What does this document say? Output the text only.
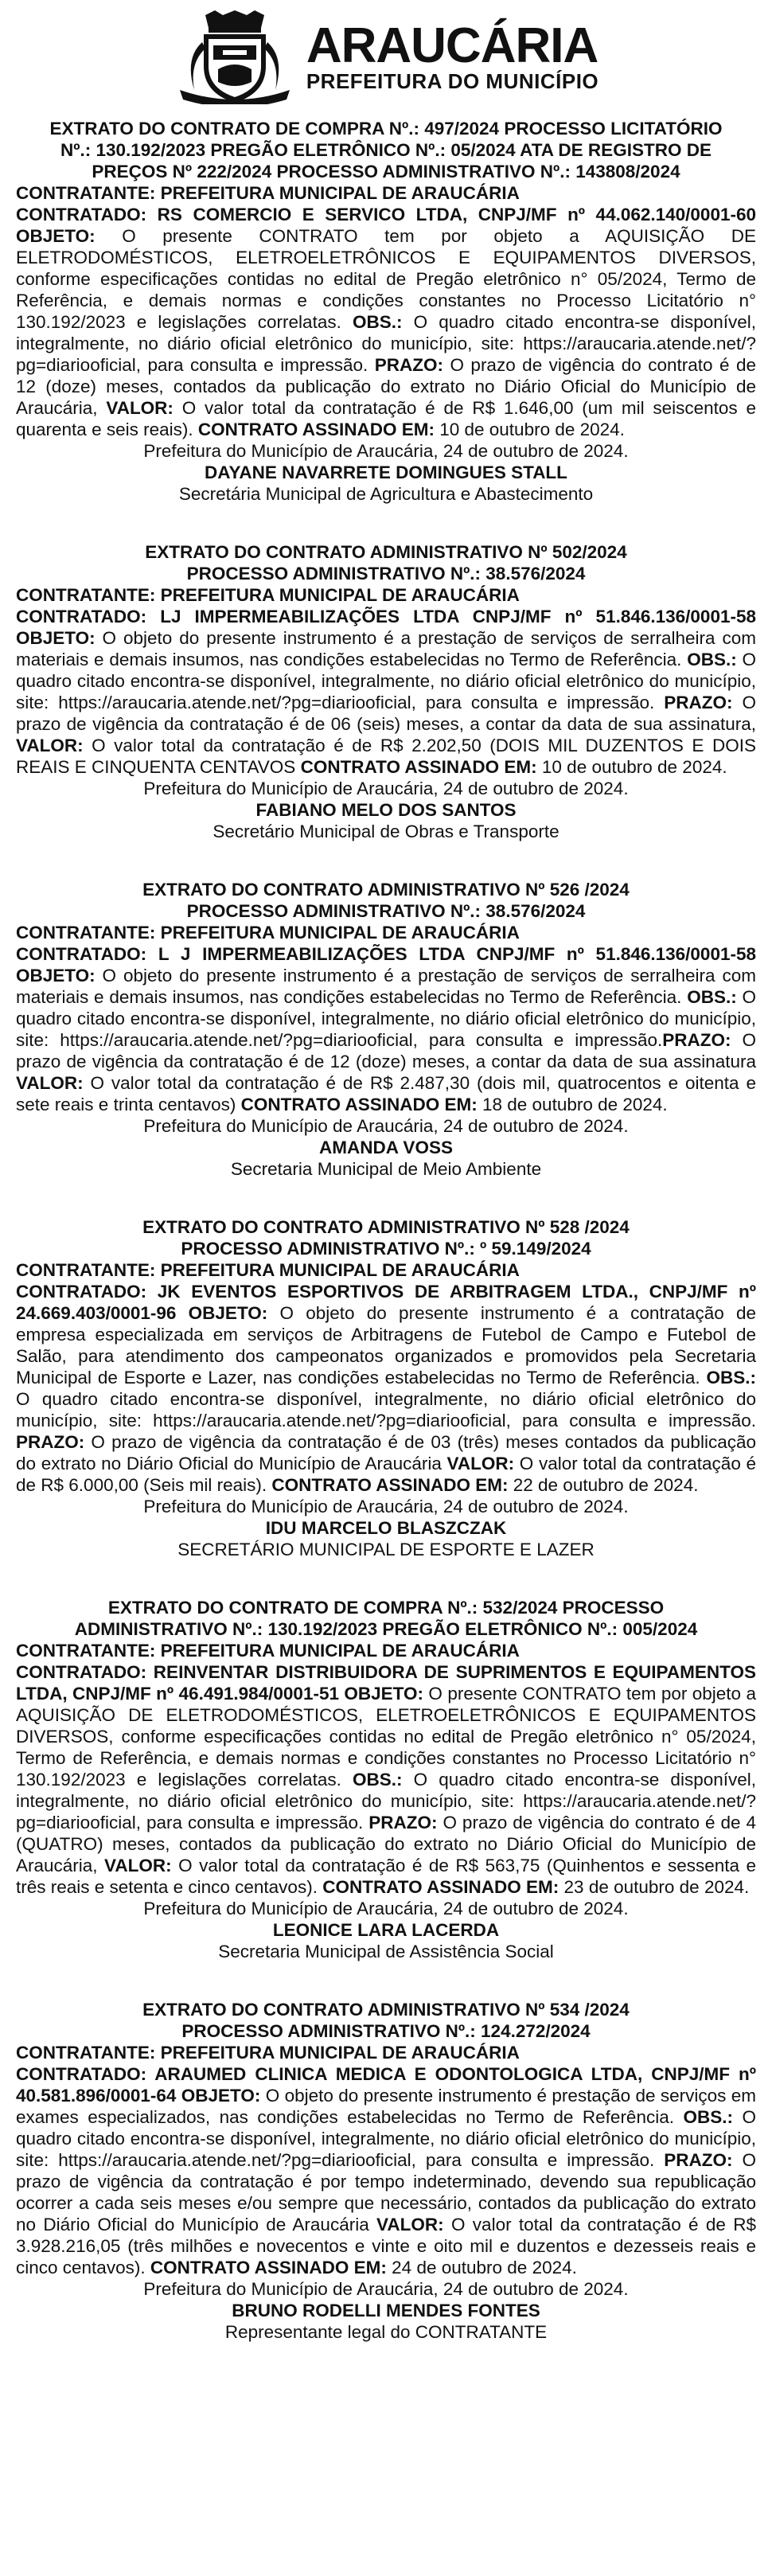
ARAUCÁRIA
PREFEITURA DO MUNICÍPIO
EXTRATO DO CONTRATO DE COMPRA Nº.: 497/2024 PROCESSO LICITATÓRIO
Nº.: 130.192/2023 PREGÃO ELETRÔNICO Nº.: 05/2024 ATA DE REGISTRO DE
PREÇOS Nº 222/2024 PROCESSO ADMINISTRATIVO Nº.: 143808/2024
CONTRATANTE: PREFEITURA MUNICIPAL DE ARAUCÁRIA
CONTRATADO: RS COMERCIO E SERVICO LTDA, CNPJ/MF nº 44.062.140/0001-60 OBJETO: O presente CONTRATO tem por objeto a AQUISIÇÃO DE ELETRODOMÉSTICOS, ELETROELETRÔNICOS E EQUIPAMENTOS DIVERSOS, conforme especificações contidas no edital de Pregão eletrônico n° 05/2024, Termo de Referência, e demais normas e condições constantes no Processo Licitatório n° 130.192/2023 e legislações correlatas. OBS.: O quadro citado encontra-se disponível, integralmente, no diário oficial eletrônico do município, site: https://araucaria.atende.net/?pg=diariooficial, para consulta e impressão. PRAZO: O prazo de vigência do contrato é de 12 (doze) meses, contados da publicação do extrato no Diário Oficial do Município de Araucária, VALOR: O valor total da contratação é de R$ 1.646,00 (um mil seiscentos e quarenta e seis reais). CONTRATO ASSINADO EM: 10 de outubro de 2024.
Prefeitura do Município de Araucária, 24 de outubro de 2024.
DAYANE NAVARRETE DOMINGUES STALL
Secretária Municipal de Agricultura e Abastecimento
EXTRATO DO CONTRATO ADMINISTRATIVO Nº 502/2024
PROCESSO ADMINISTRATIVO Nº.: 38.576/2024
CONTRATANTE: PREFEITURA MUNICIPAL DE ARAUCÁRIA
CONTRATADO: LJ IMPERMEABILIZAÇÕES LTDA CNPJ/MF nº 51.846.136/0001-58 OBJETO: O objeto do presente instrumento é a prestação de serviços de serralheira com materiais e demais insumos, nas condições estabelecidas no Termo de Referência. OBS.: O quadro citado encontra-se disponível, integralmente, no diário oficial eletrônico do município, site: https://araucaria.atende.net/?pg=diariooficial, para consulta e impressão. PRAZO: O prazo de vigência da contratação é de 06 (seis) meses, a contar da data de sua assinatura, VALOR: O valor total da contratação é de R$ 2.202,50 (DOIS MIL DUZENTOS E DOIS REAIS E CINQUENTA CENTAVOS CONTRATO ASSINADO EM: 10 de outubro de 2024.
Prefeitura do Município de Araucária, 24 de outubro de 2024.
FABIANO MELO DOS SANTOS
Secretário Municipal de Obras e Transporte
EXTRATO DO CONTRATO ADMINISTRATIVO Nº 526 /2024
PROCESSO ADMINISTRATIVO Nº.: 38.576/2024
CONTRATANTE: PREFEITURA MUNICIPAL DE ARAUCÁRIA
CONTRATADO: L J IMPERMEABILIZAÇÕES LTDA CNPJ/MF nº 51.846.136/0001-58 OBJETO: O objeto do presente instrumento é a prestação de serviços de serralheira com materiais e demais insumos, nas condições estabelecidas no Termo de Referência. OBS.: O quadro citado encontra-se disponível, integralmente, no diário oficial eletrônico do município, site: https://araucaria.atende.net/?pg=diariooficial, para consulta e impressão.PRAZO: O prazo de vigência da contratação é de 12 (doze) meses, a contar da data de sua assinatura VALOR: O valor total da contratação é de R$ 2.487,30 (dois mil, quatrocentos e oitenta e sete reais e trinta centavos) CONTRATO ASSINADO EM: 18 de outubro de 2024.
Prefeitura do Município de Araucária, 24 de outubro de 2024.
AMANDA VOSS
Secretaria Municipal de Meio Ambiente
EXTRATO DO CONTRATO ADMINISTRATIVO Nº 528 /2024
PROCESSO ADMINISTRATIVO Nº.: º 59.149/2024
CONTRATANTE: PREFEITURA MUNICIPAL DE ARAUCÁRIA
CONTRATADO: JK EVENTOS ESPORTIVOS DE ARBITRAGEM LTDA., CNPJ/MF nº 24.669.403/0001-96 OBJETO: O objeto do presente instrumento é a contratação de empresa especializada em serviços de Arbitragens de Futebol de Campo e Futebol de Salão, para atendimento dos campeonatos organizados e promovidos pela Secretaria Municipal de Esporte e Lazer, nas condições estabelecidas no Termo de Referência. OBS.: O quadro citado encontra-se disponível, integralmente, no diário oficial eletrônico do município, site: https://araucaria.atende.net/?pg=diariooficial, para consulta e impressão. PRAZO: O prazo de vigência da contratação é de 03 (três) meses contados da publicação do extrato no Diário Oficial do Município de Araucária VALOR: O valor total da contratação é de R$ 6.000,00 (Seis mil reais). CONTRATO ASSINADO EM: 22 de outubro de 2024.
Prefeitura do Município de Araucária, 24 de outubro de 2024.
IDU MARCELO BLASZCZAK
SECRETÁRIO MUNICIPAL DE ESPORTE E LAZER
EXTRATO DO CONTRATO DE COMPRA Nº.: 532/2024 PROCESSO
ADMINISTRATIVO Nº.: 130.192/2023 PREGÃO ELETRÔNICO Nº.: 005/2024
CONTRATANTE: PREFEITURA MUNICIPAL DE ARAUCÁRIA
CONTRATADO: REINVENTAR DISTRIBUIDORA DE SUPRIMENTOS E EQUIPAMENTOS LTDA, CNPJ/MF nº 46.491.984/0001-51 OBJETO: O presente CONTRATO tem por objeto a AQUISIÇÃO DE ELETRODOMÉSTICOS, ELETROELETRÔNICOS E EQUIPAMENTOS DIVERSOS, conforme especificações contidas no edital de Pregão eletrônico n° 05/2024, Termo de Referência, e demais normas e condições constantes no Processo Licitatório n° 130.192/2023 e legislações correlatas. OBS.: O quadro citado encontra-se disponível, integralmente, no diário oficial eletrônico do município, site: https://araucaria.atende.net/?pg=diariooficial, para consulta e impressão. PRAZO: O prazo de vigência do contrato é de 4 (QUATRO) meses, contados da publicação do extrato no Diário Oficial do Município de Araucária, VALOR: O valor total da contratação é de R$ 563,75 (Quinhentos e sessenta e três reais e setenta e cinco centavos). CONTRATO ASSINADO EM: 23 de outubro de 2024.
Prefeitura do Município de Araucária, 24 de outubro de 2024.
LEONICE LARA LACERDA
Secretaria Municipal de Assistência Social
EXTRATO DO CONTRATO ADMINISTRATIVO Nº 534 /2024
PROCESSO ADMINISTRATIVO Nº.: 124.272/2024
CONTRATANTE: PREFEITURA MUNICIPAL DE ARAUCÁRIA
CONTRATADO: ARAUMED CLINICA MEDICA E ODONTOLOGICA LTDA, CNPJ/MF nº 40.581.896/0001-64 OBJETO: O objeto do presente instrumento é prestação de serviços em exames especializados, nas condições estabelecidas no Termo de Referência. OBS.: O quadro citado encontra-se disponível, integralmente, no diário oficial eletrônico do município, site: https://araucaria.atende.net/?pg=diariooficial, para consulta e impressão. PRAZO: O prazo de vigência da contratação é por tempo indeterminado, devendo sua republicação ocorrer a cada seis meses e/ou sempre que necessário, contados da publicação do extrato no Diário Oficial do Município de Araucária VALOR: O valor total da contratação é de R$ 3.928.216,05 (três milhões e novecentos e vinte e oito mil e duzentos e dezesseis reais e cinco centavos). CONTRATO ASSINADO EM: 24 de outubro de 2024.
Prefeitura do Município de Araucária, 24 de outubro de 2024.
BRUNO RODELLI MENDES FONTES
Representante legal do CONTRATANTE
